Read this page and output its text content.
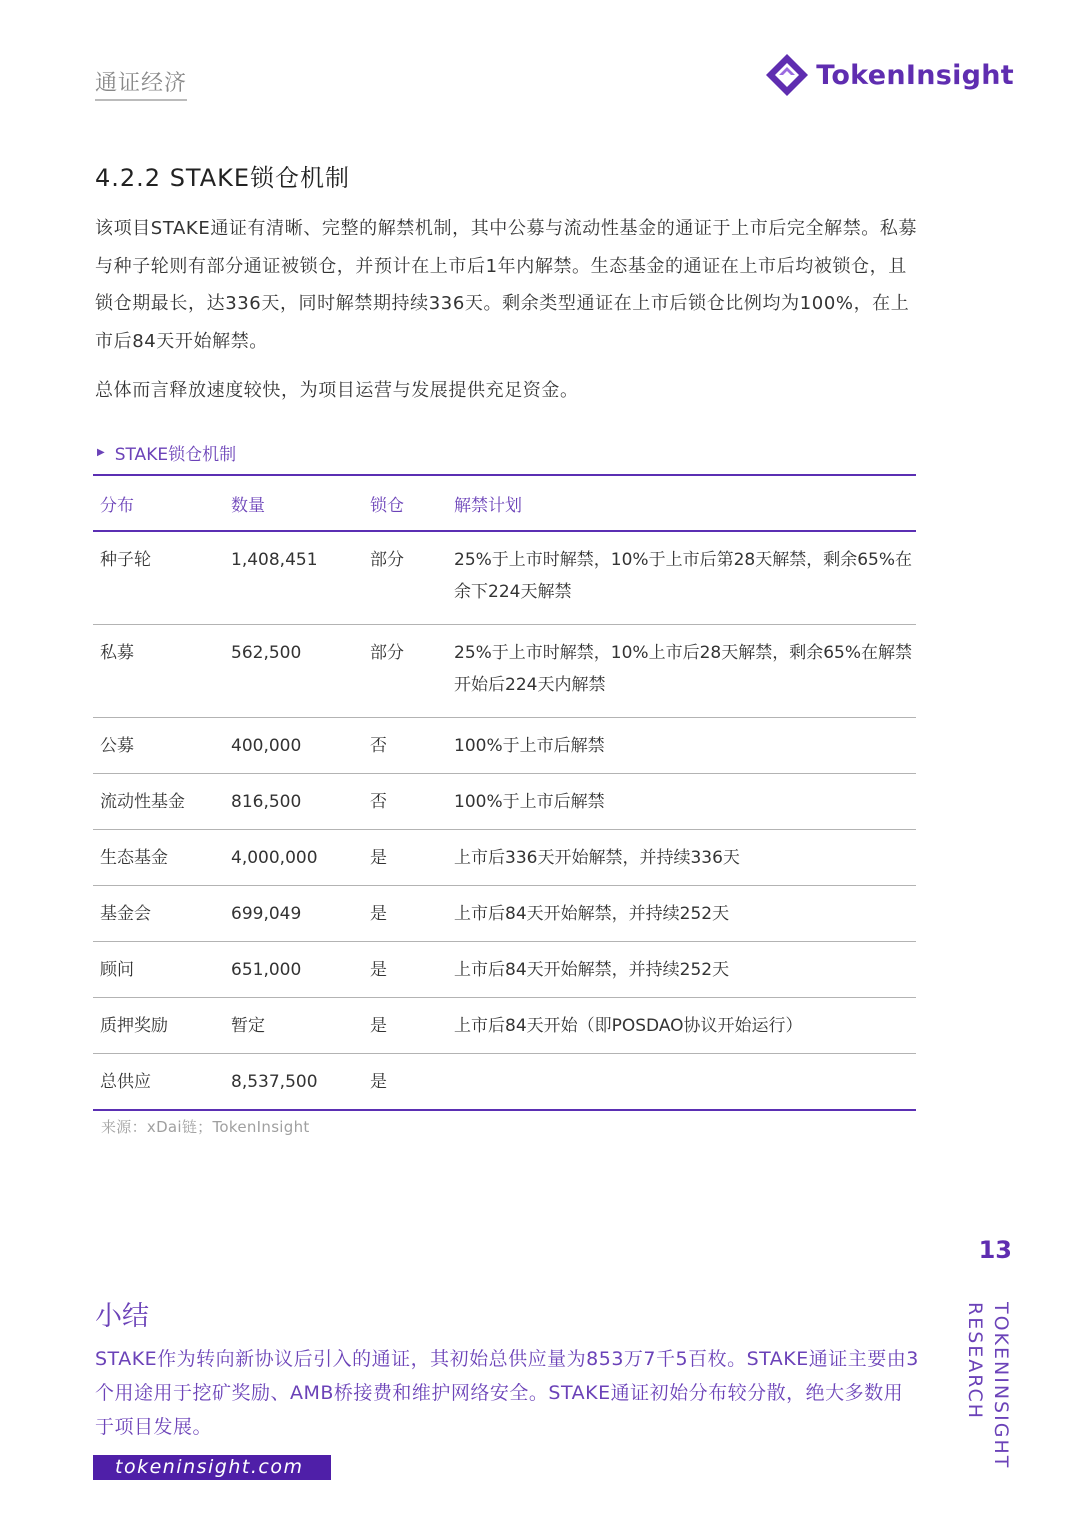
通证经济	TokenInsight
4.2.2 STAKE锁仓机制

该项目STAKE通证有清晰、完整的解禁机制，其中公募与流动性基金的通证于上市后完全解禁。私募与种子轮则有部分通证被锁仓，并预计在上市后1年内解禁。生态基金的通证在上市后均被锁仓，且锁仓期最长，达336天，同时解禁期持续336天。剩余类型通证在上市后锁仓比例均为100%，在上市后84天开始解禁。

总体而言释放速度较快，为项目运营与发展提供充足资金。

▶ STAKE锁仓机制
分布	数量	锁仓	解禁计划
种子轮	1,408,451	部分	25%于上市时解禁，10%于上市后第28天解禁，剩余65%在余下224天解禁
私募	562,500	部分	25%于上市时解禁，10%上市后28天解禁，剩余65%在解禁开始后224天内解禁
公募	400,000	否	100%于上市后解禁
流动性基金	816,500	否	100%于上市后解禁
生态基金	4,000,000	是	上市后336天开始解禁，并持续336天
基金会	699,049	是	上市后84天开始解禁，并持续252天
顾问	651,000	是	上市后84天开始解禁，并持续252天
质押奖励	暂定	是	上市后84天开始（即POSDAO协议开始运行）
总供应	8,537,500	是	
来源：xDai链；TokenInsight
13
TOKENINSIGHT
RESEARCH
小结

STAKE作为转向新协议后引入的通证，其初始总供应量为853万7千5百枚。STAKE通证主要由3个用途用于挖矿奖励、AMB桥接费和维护网络安全。STAKE通证初始分布较分散，绝大多数用于项目发展。

tokeninsight.com
